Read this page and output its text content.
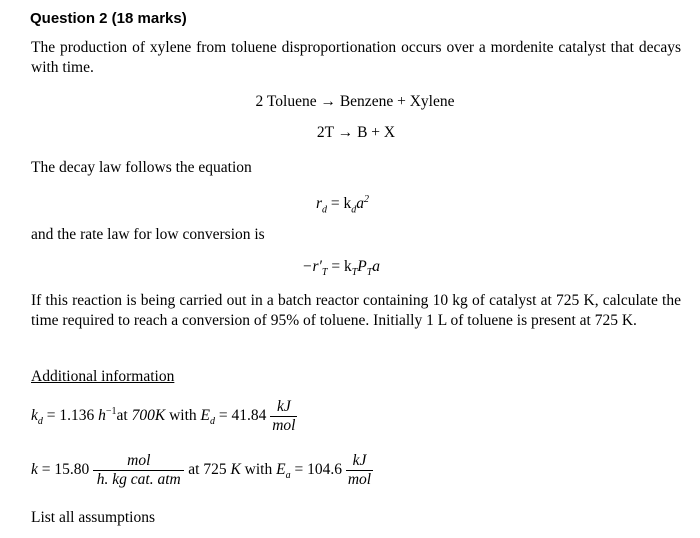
Question 2 (18 marks)
The production of xylene from toluene disproportionation occurs over a mordenite catalyst that decays with time.
2 Toluene → Benzene + Xylene
2T → B + X
The decay law follows the equation
$r_d = k_da^2$
and the rate law for low conversion is
$-r'_T = k_TP_Ta$
If this reaction is being carried out in a batch reactor containing 10 kg of catalyst at 725 K, calculate the time required to reach a conversion of 95% of toluene. Initially 1 L of toluene is present at 725 K.
Additional information
$k_d = 1.136$ $h^{-1}at$ 700K with $E_d = 41.84 \frac{kJ}{\text{mol}}$
$k = 15.80 \frac{\text{mol}}{\text{h. kg cat. atm}}$ at 725 K with $E_a = 104.6 \frac{kJ}{\text{mol}}$
List all assumptions
